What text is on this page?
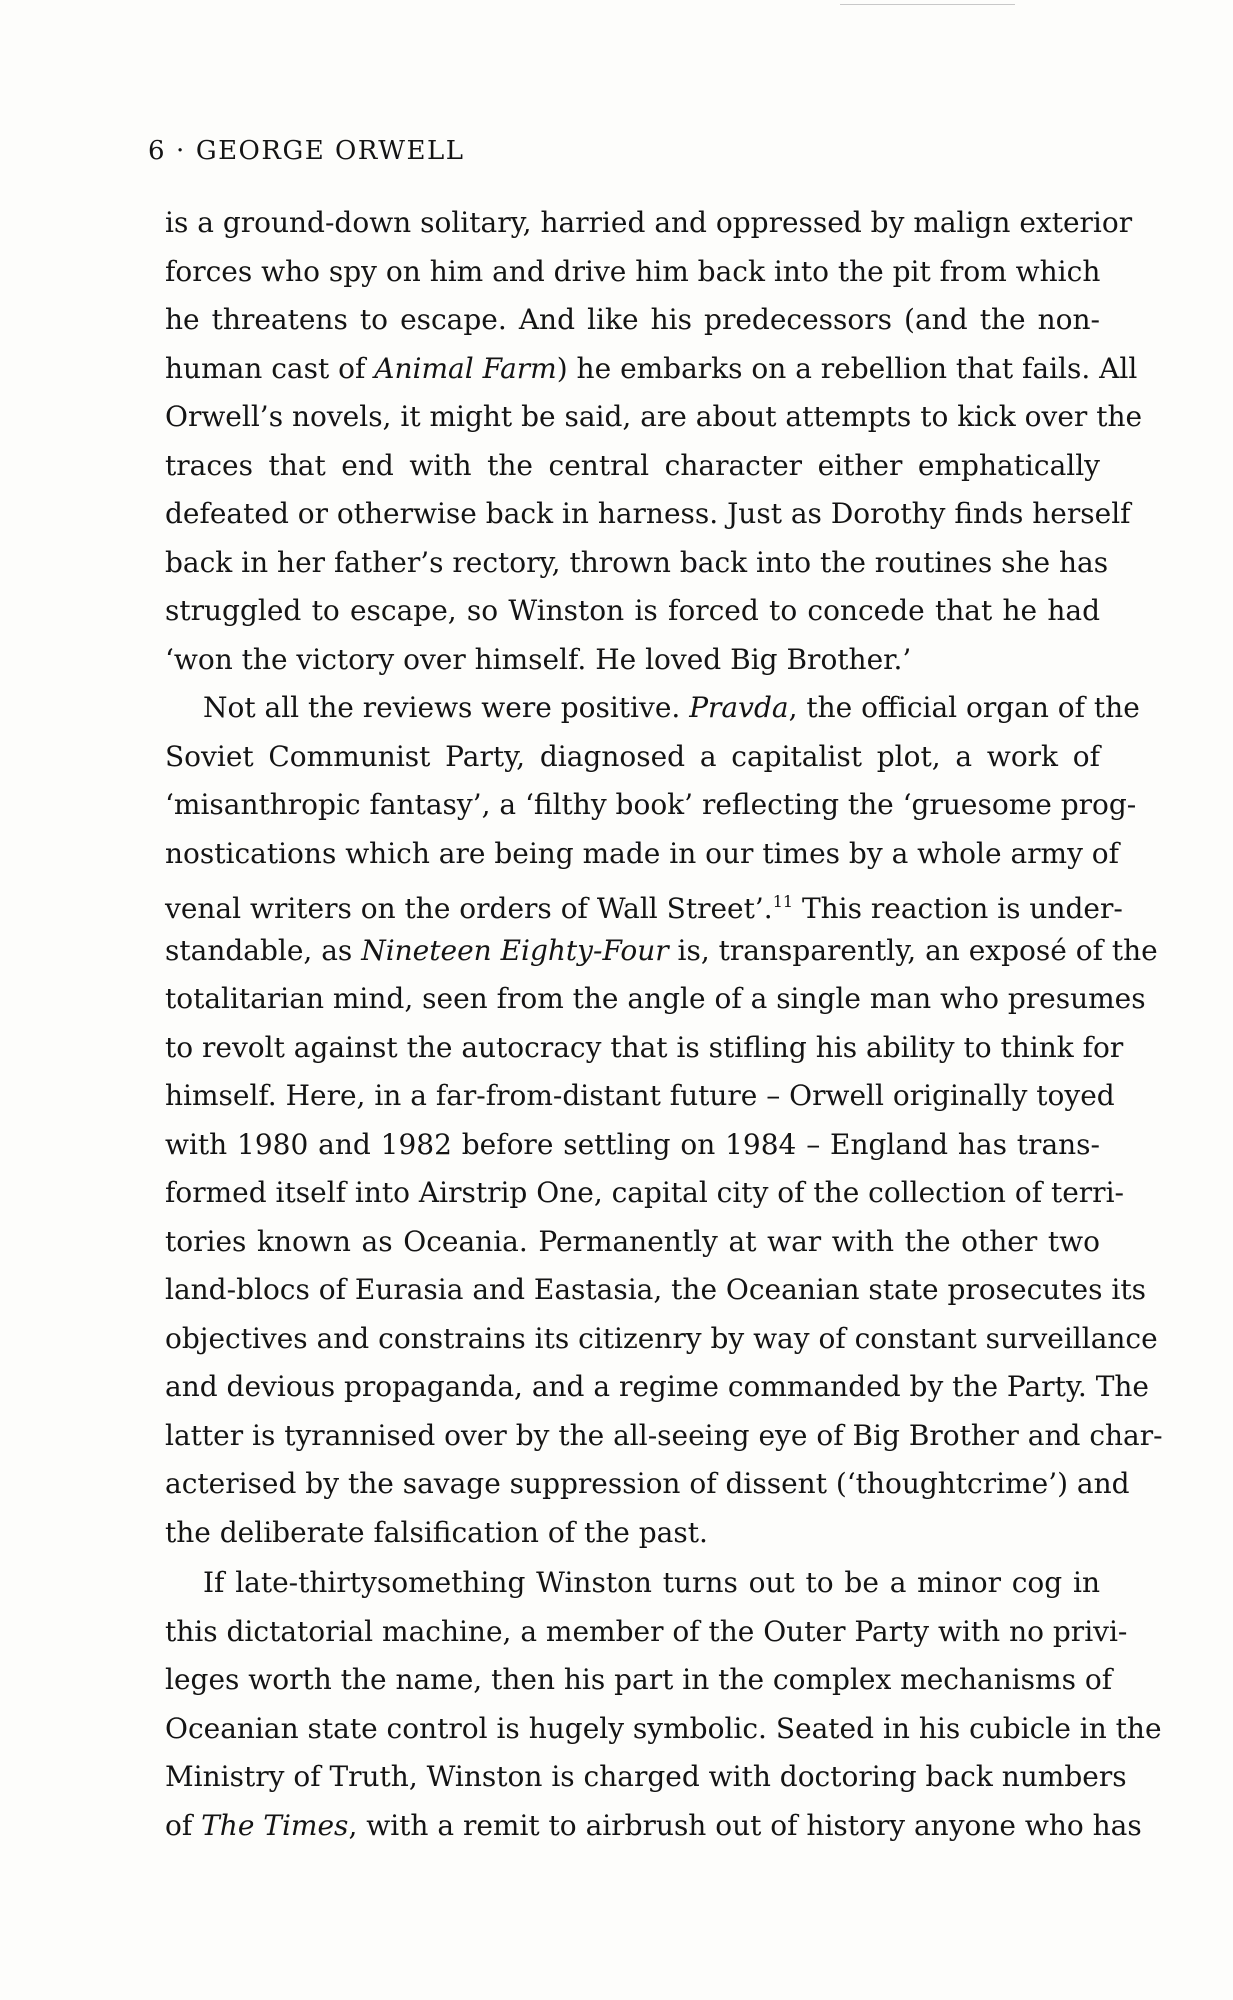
6 · GEORGE ORWELL
is a ground-down solitary, harried and oppressed by malign exterior
forces who spy on him and drive him back into the pit from which
he threatens to escape. And like his predecessors (and the non-
human cast of Animal Farm) he embarks on a rebellion that fails. All
Orwell’s novels, it might be said, are about attempts to kick over the
traces that end with the central character either emphatically
defeated or otherwise back in harness. Just as Dorothy finds herself
back in her father’s rectory, thrown back into the routines she has
struggled to escape, so Winston is forced to concede that he had
‘won the victory over himself. He loved Big Brother.’
Not all the reviews were positive. Pravda, the official organ of the
Soviet Communist Party, diagnosed a capitalist plot, a work of
‘misanthropic fantasy’, a ‘filthy book’ reflecting the ‘gruesome prog-
nostications which are being made in our times by a whole army of
venal writers on the orders of Wall Street’.$^{11}$ This reaction is under-
standable, as Nineteen Eighty-Four is, transparently, an exposé of the
totalitarian mind, seen from the angle of a single man who presumes
to revolt against the autocracy that is stifling his ability to think for
himself. Here, in a far-from-distant future – Orwell originally toyed
with 1980 and 1982 before settling on 1984 – England has trans-
formed itself into Airstrip One, capital city of the collection of terri-
tories known as Oceania. Permanently at war with the other two
land-blocs of Eurasia and Eastasia, the Oceanian state prosecutes its
objectives and constrains its citizenry by way of constant surveillance
and devious propaganda, and a regime commanded by the Party. The
latter is tyrannised over by the all-seeing eye of Big Brother and char-
acterised by the savage suppression of dissent (‘thoughtcrime’) and
the deliberate falsification of the past.
If late-thirtysomething Winston turns out to be a minor cog in
this dictatorial machine, a member of the Outer Party with no privi-
leges worth the name, then his part in the complex mechanisms of
Oceanian state control is hugely symbolic. Seated in his cubicle in the
Ministry of Truth, Winston is charged with doctoring back numbers
of The Times, with a remit to airbrush out of history anyone who has
